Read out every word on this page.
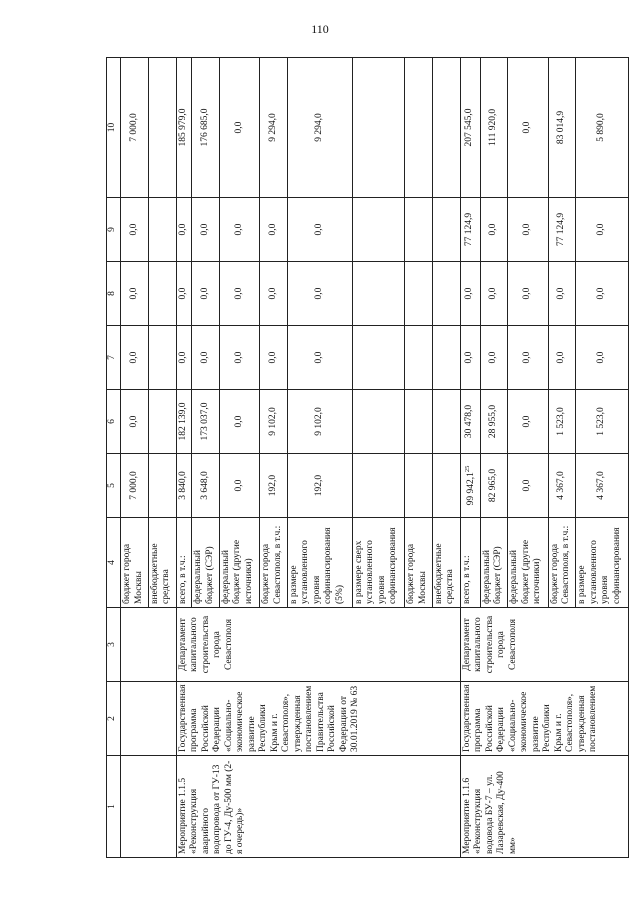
110
1	2	3	4	5	6	7	8	9	10
			бюджет города Москвы	7 000,0	0,0	0,0	0,0	0,0	7 000,0
			внебюджетные средства						
Мероприятие 1.1.5 «Реконструкция аварийного водопровода от ГУ-13 до ГУ-4, Ду-500 мм (2-я очередь)»	Государственная программа Российской Федерации «Социально-экономическое развитие Республики Крым и г. Севастополя», утвержденная постановлением Правительства Российской Федерации от 30.01.2019 № 63	Департамент капитального строительства города Севастополя	всего, в т.ч.:	3 840,0	182 139,0	0,0	0,0	0,0	185 979,0
			федеральный бюджет (СЭР)	3 648,0	173 037,0	0,0	0,0	0,0	176 685,0
			федеральный бюджет (другие источники)	0,0	0,0	0,0	0,0	0,0	0,0
			бюджет города Севастополя, в т.ч.:	192,0	9 102,0	0,0	0,0	0,0	9 294,0
			в размере установленного уровня софинансирования (5%)	192,0	9 102,0	0,0	0,0	0,0	9 294,0
			в размере сверх установленного уровня софинансирования						
			бюджет города Москвы						
			внебюджетные средства						
Мероприятие 1.1.6 «Реконструкция водовода БУ-7 – ул. Лазаревская, Ду-400 мм»	Государственная программа Российской Федерации «Социально-экономическое развитие Республики Крым и г. Севастополя», утвержденная постановлением	Департамент капитального строительства города Севастополя	всего, в т.ч.:	99 942,1$^{25}$	30 478,0	0,0	0,0	77 124,9	207 545,0
			федеральный бюджет (СЭР)	82 965,0	28 955,0	0,0	0,0	0,0	111 920,0
			федеральный бюджет (другие источники)	0,0	0,0	0,0	0,0	0,0	0,0
			бюджет города Севастополя, в т.ч.:	4 367,0	1 523,0	0,0	0,0	77 124,9	83 014,9
			в размере установленного уровня софинансирования	4 367,0	1 523,0	0,0	0,0	0,0	5 890,0
